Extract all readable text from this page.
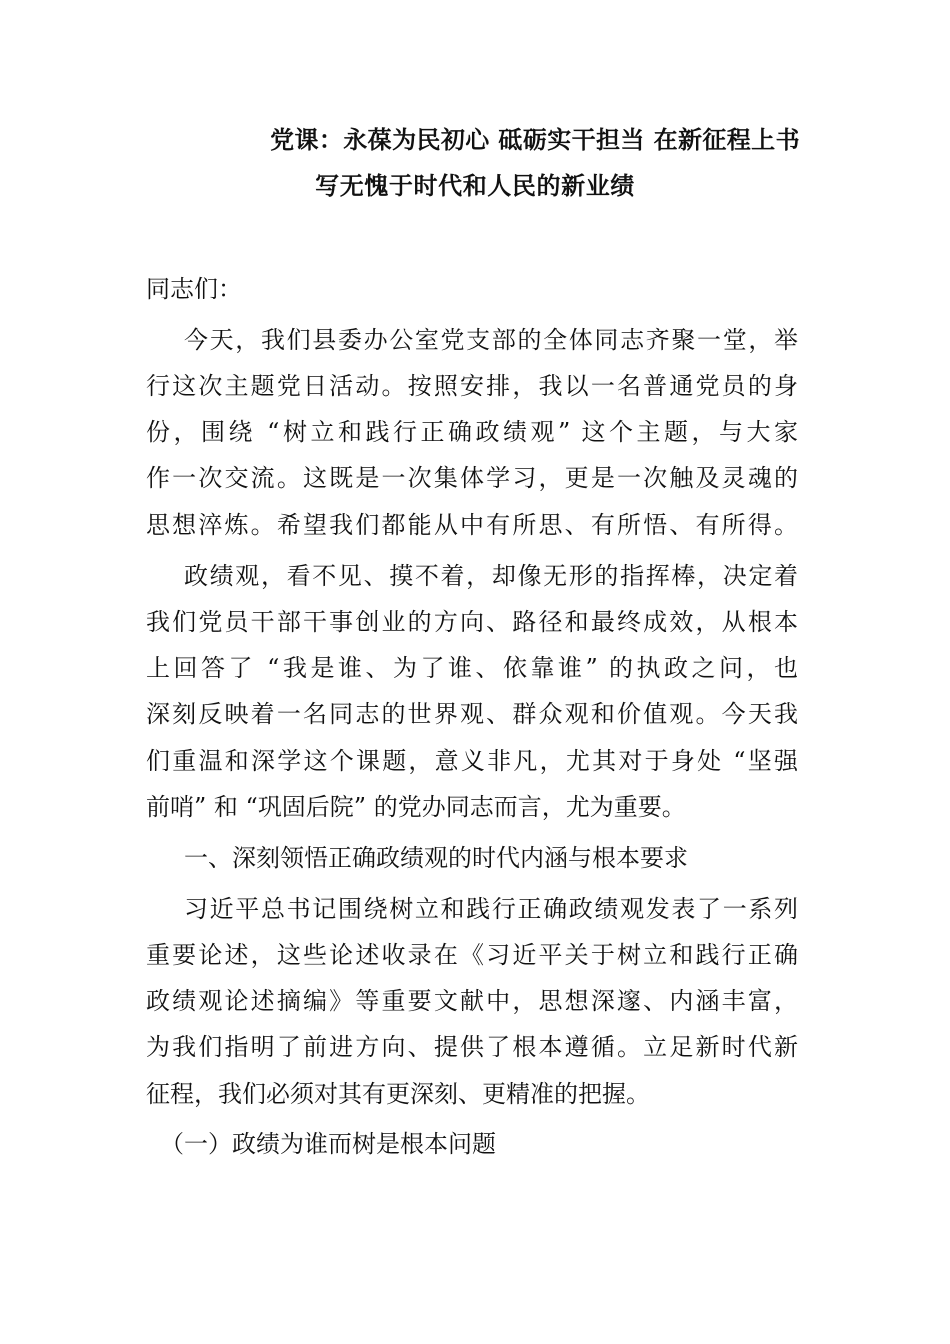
党课：永葆为民初心 砥砺实干担当 在新征程上书
写无愧于时代和人民的新业绩
同志们：
今天，我们县委办公室党支部的全体同志齐聚一堂，举
行这次主题党日活动。按照安排，我以一名普通党员的身
份，围绕 “树立和践行正确政绩观” 这个主题，与大家
作一次交流。这既是一次集体学习，更是一次触及灵魂的
思想淬炼。希望我们都能从中有所思、有所悟、有所得。
政绩观，看不见、摸不着，却像无形的指挥棒，决定着
我们党员干部干事创业的方向、路径和最终成效，从根本
上回答了 “我是谁、为了谁、依靠谁” 的执政之问，也
深刻反映着一名同志的世界观、群众观和价值观。今天我
们重温和深学这个课题，意义非凡，尤其对于身处 “坚强
前哨” 和 “巩固后院” 的党办同志而言，尤为重要。
一、深刻领悟正确政绩观的时代内涵与根本要求
习近平总书记围绕树立和践行正确政绩观发表了一系列
重要论述，这些论述收录在《习近平关于树立和践行正确
政绩观论述摘编》等重要文献中，思想深邃、内涵丰富，
为我们指明了前进方向、提供了根本遵循。立足新时代新
征程，我们必须对其有更深刻、更精准的把握。
（一）政绩为谁而树是根本问题
